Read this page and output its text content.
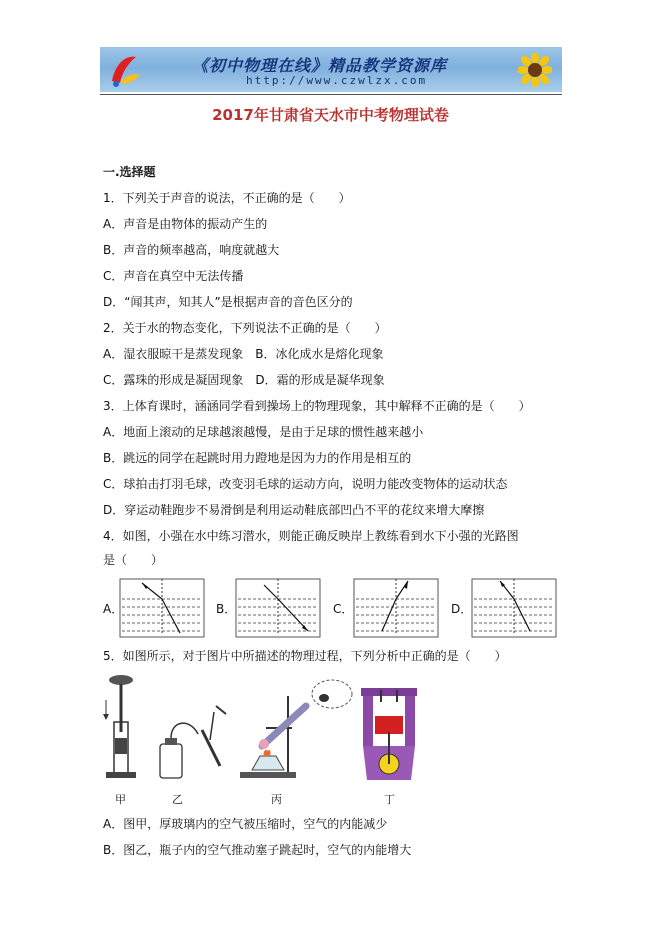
《初中物理在线》精品教学资源库
http://www.czwlzx.com
2017年甘肃省天水市中考物理试卷
一.选择题
1．下列关于声音的说法，不正确的是（　　）
A．声音是由物体的振动产生的
B．声音的频率越高，响度就越大
C．声音在真空中无法传播
D．“闻其声，知其人”是根据声音的音色区分的
2．关于水的物态变化，下列说法不正确的是（　　）
A．湿衣服晾干是蒸发现象　B．冰化成水是熔化现象
C．露珠的形成是凝固现象　D．霜的形成是凝华现象
3．上体育课时，涵涵同学看到操场上的物理现象，其中解释不正确的是（　　）
A．地面上滚动的足球越滚越慢，是由于足球的惯性越来越小
B．跳远的同学在起跳时用力蹬地是因为力的作用是相互的
C．球拍击打羽毛球，改变羽毛球的运动方向，说明力能改变物体的运动状态
D．穿运动鞋跑步不易滑倒是利用运动鞋底部凹凸不平的花纹来增大摩擦
4．如图，小强在水中练习潜水，则能正确反映岸上教练看到水下小强的光路图
是（　　）
A．	B．	C．	D．
5．如图所示，对于图片中所描述的物理过程，下列分析中正确的是（　　）
甲	乙	丙	丁
A．图甲，厚玻璃内的空气被压缩时，空气的内能减少
B．图乙，瓶子内的空气推动塞子跳起时，空气的内能增大
